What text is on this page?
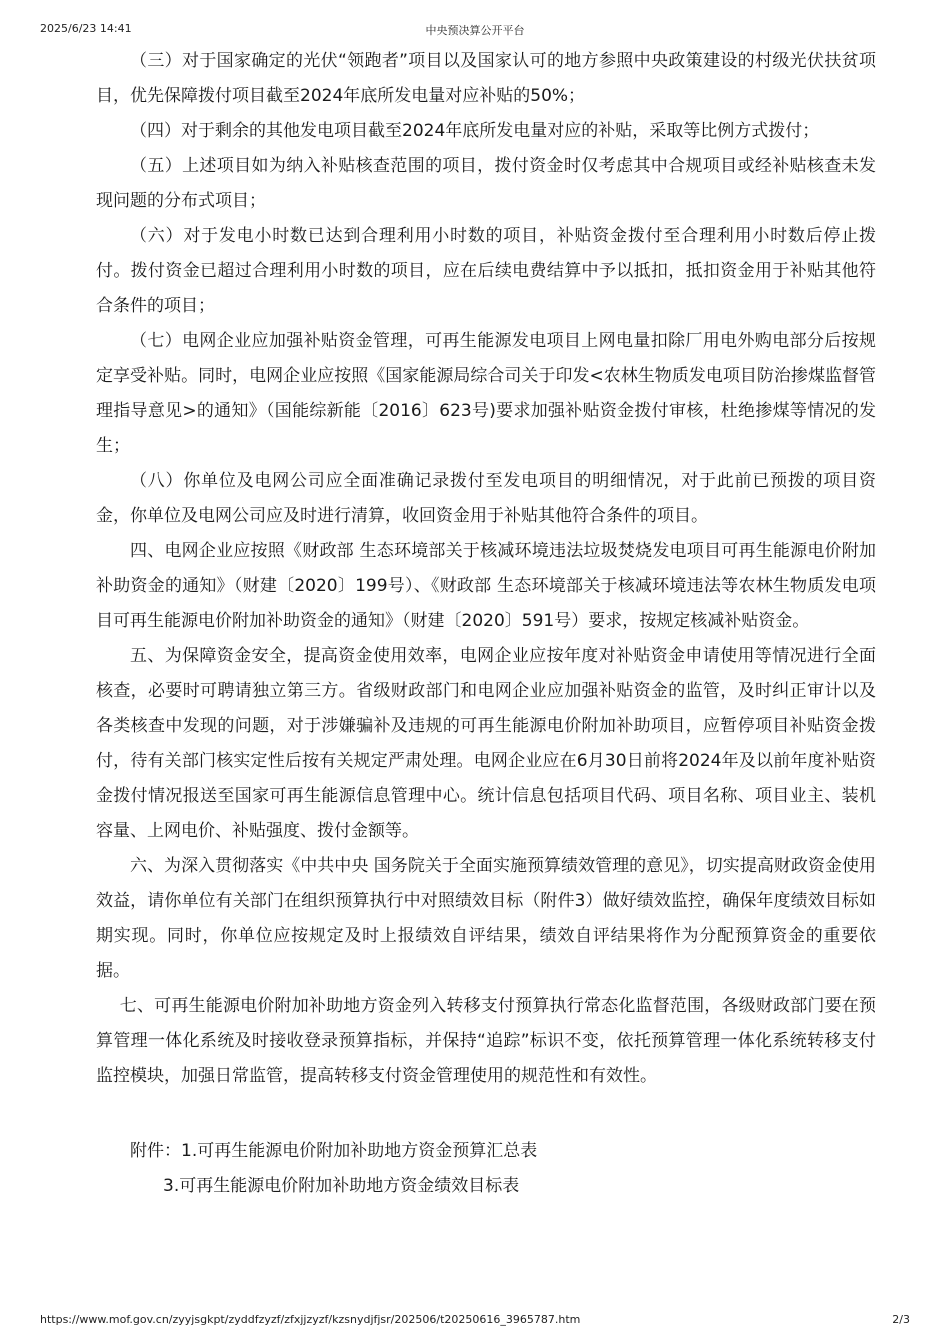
2025/6/23 14:41	中央预决算公开平台

（三）对于国家确定的光伏“领跑者”项目以及国家认可的地方参照中央政策建设的村级光伏扶贫项目，优先保障拨付项目截至2024年底所发电量对应补贴的50%；

（四）对于剩余的其他发电项目截至2024年底所发电量对应的补贴，采取等比例方式拨付；

（五）上述项目如为纳入补贴核查范围的项目，拨付资金时仅考虑其中合规项目或经补贴核查未发现问题的分布式项目；

（六）对于发电小时数已达到合理利用小时数的项目，补贴资金拨付至合理利用小时数后停止拨付。拨付资金已超过合理利用小时数的项目，应在后续电费结算中予以抵扣，抵扣资金用于补贴其他符合条件的项目；

（七）电网企业应加强补贴资金管理，可再生能源发电项目上网电量扣除厂用电外购电部分后按规定享受补贴。同时，电网企业应按照《国家能源局综合司关于印发<农林生物质发电项目防治掺煤监督管理指导意见>的通知》（国能综新能〔2016〕623号)要求加强补贴资金拨付审核，杜绝掺煤等情况的发生；

（八）你单位及电网公司应全面准确记录拨付至发电项目的明细情况，对于此前已预拨的项目资金，你单位及电网公司应及时进行清算，收回资金用于补贴其他符合条件的项目。

四、电网企业应按照《财政部 生态环境部关于核减环境违法垃圾焚烧发电项目可再生能源电价附加补助资金的通知》（财建〔2020〕199号）、《财政部 生态环境部关于核减环境违法等农林生物质发电项目可再生能源电价附加补助资金的通知》（财建〔2020〕591号）要求，按规定核减补贴资金。

五、为保障资金安全，提高资金使用效率，电网企业应按年度对补贴资金申请使用等情况进行全面核查，必要时可聘请独立第三方。省级财政部门和电网企业应加强补贴资金的监管，及时纠正审计以及各类核查中发现的问题，对于涉嫌骗补及违规的可再生能源电价附加补助项目，应暂停项目补贴资金拨付，待有关部门核实定性后按有关规定严肃处理。电网企业应在6月30日前将2024年及以前年度补贴资金拨付情况报送至国家可再生能源信息管理中心。统计信息包括项目代码、项目名称、项目业主、装机容量、上网电价、补贴强度、拨付金额等。

六、为深入贯彻落实《中共中央 国务院关于全面实施预算绩效管理的意见》，切实提高财政资金使用效益，请你单位有关部门在组织预算执行中对照绩效目标（附件3）做好绩效监控，确保年度绩效目标如期实现。同时，你单位应按规定及时上报绩效自评结果，绩效自评结果将作为分配预算资金的重要依据。

七、可再生能源电价附加补助地方资金列入转移支付预算执行常态化监督范围，各级财政部门要在预算管理一体化系统及时接收登录预算指标，并保持“追踪”标识不变，依托预算管理一体化系统转移支付监控模块，加强日常监管，提高转移支付资金管理使用的规范性和有效性。

附件：1.可再生能源电价附加补助地方资金预算汇总表
3.可再生能源电价附加补助地方资金绩效目标表
https://www.mof.gov.cn/zyyjsgkpt/zyddfzyzf/zfxjjzyzf/kzsnydjfjsr/202506/t20250616_3965787.htm	2/3
